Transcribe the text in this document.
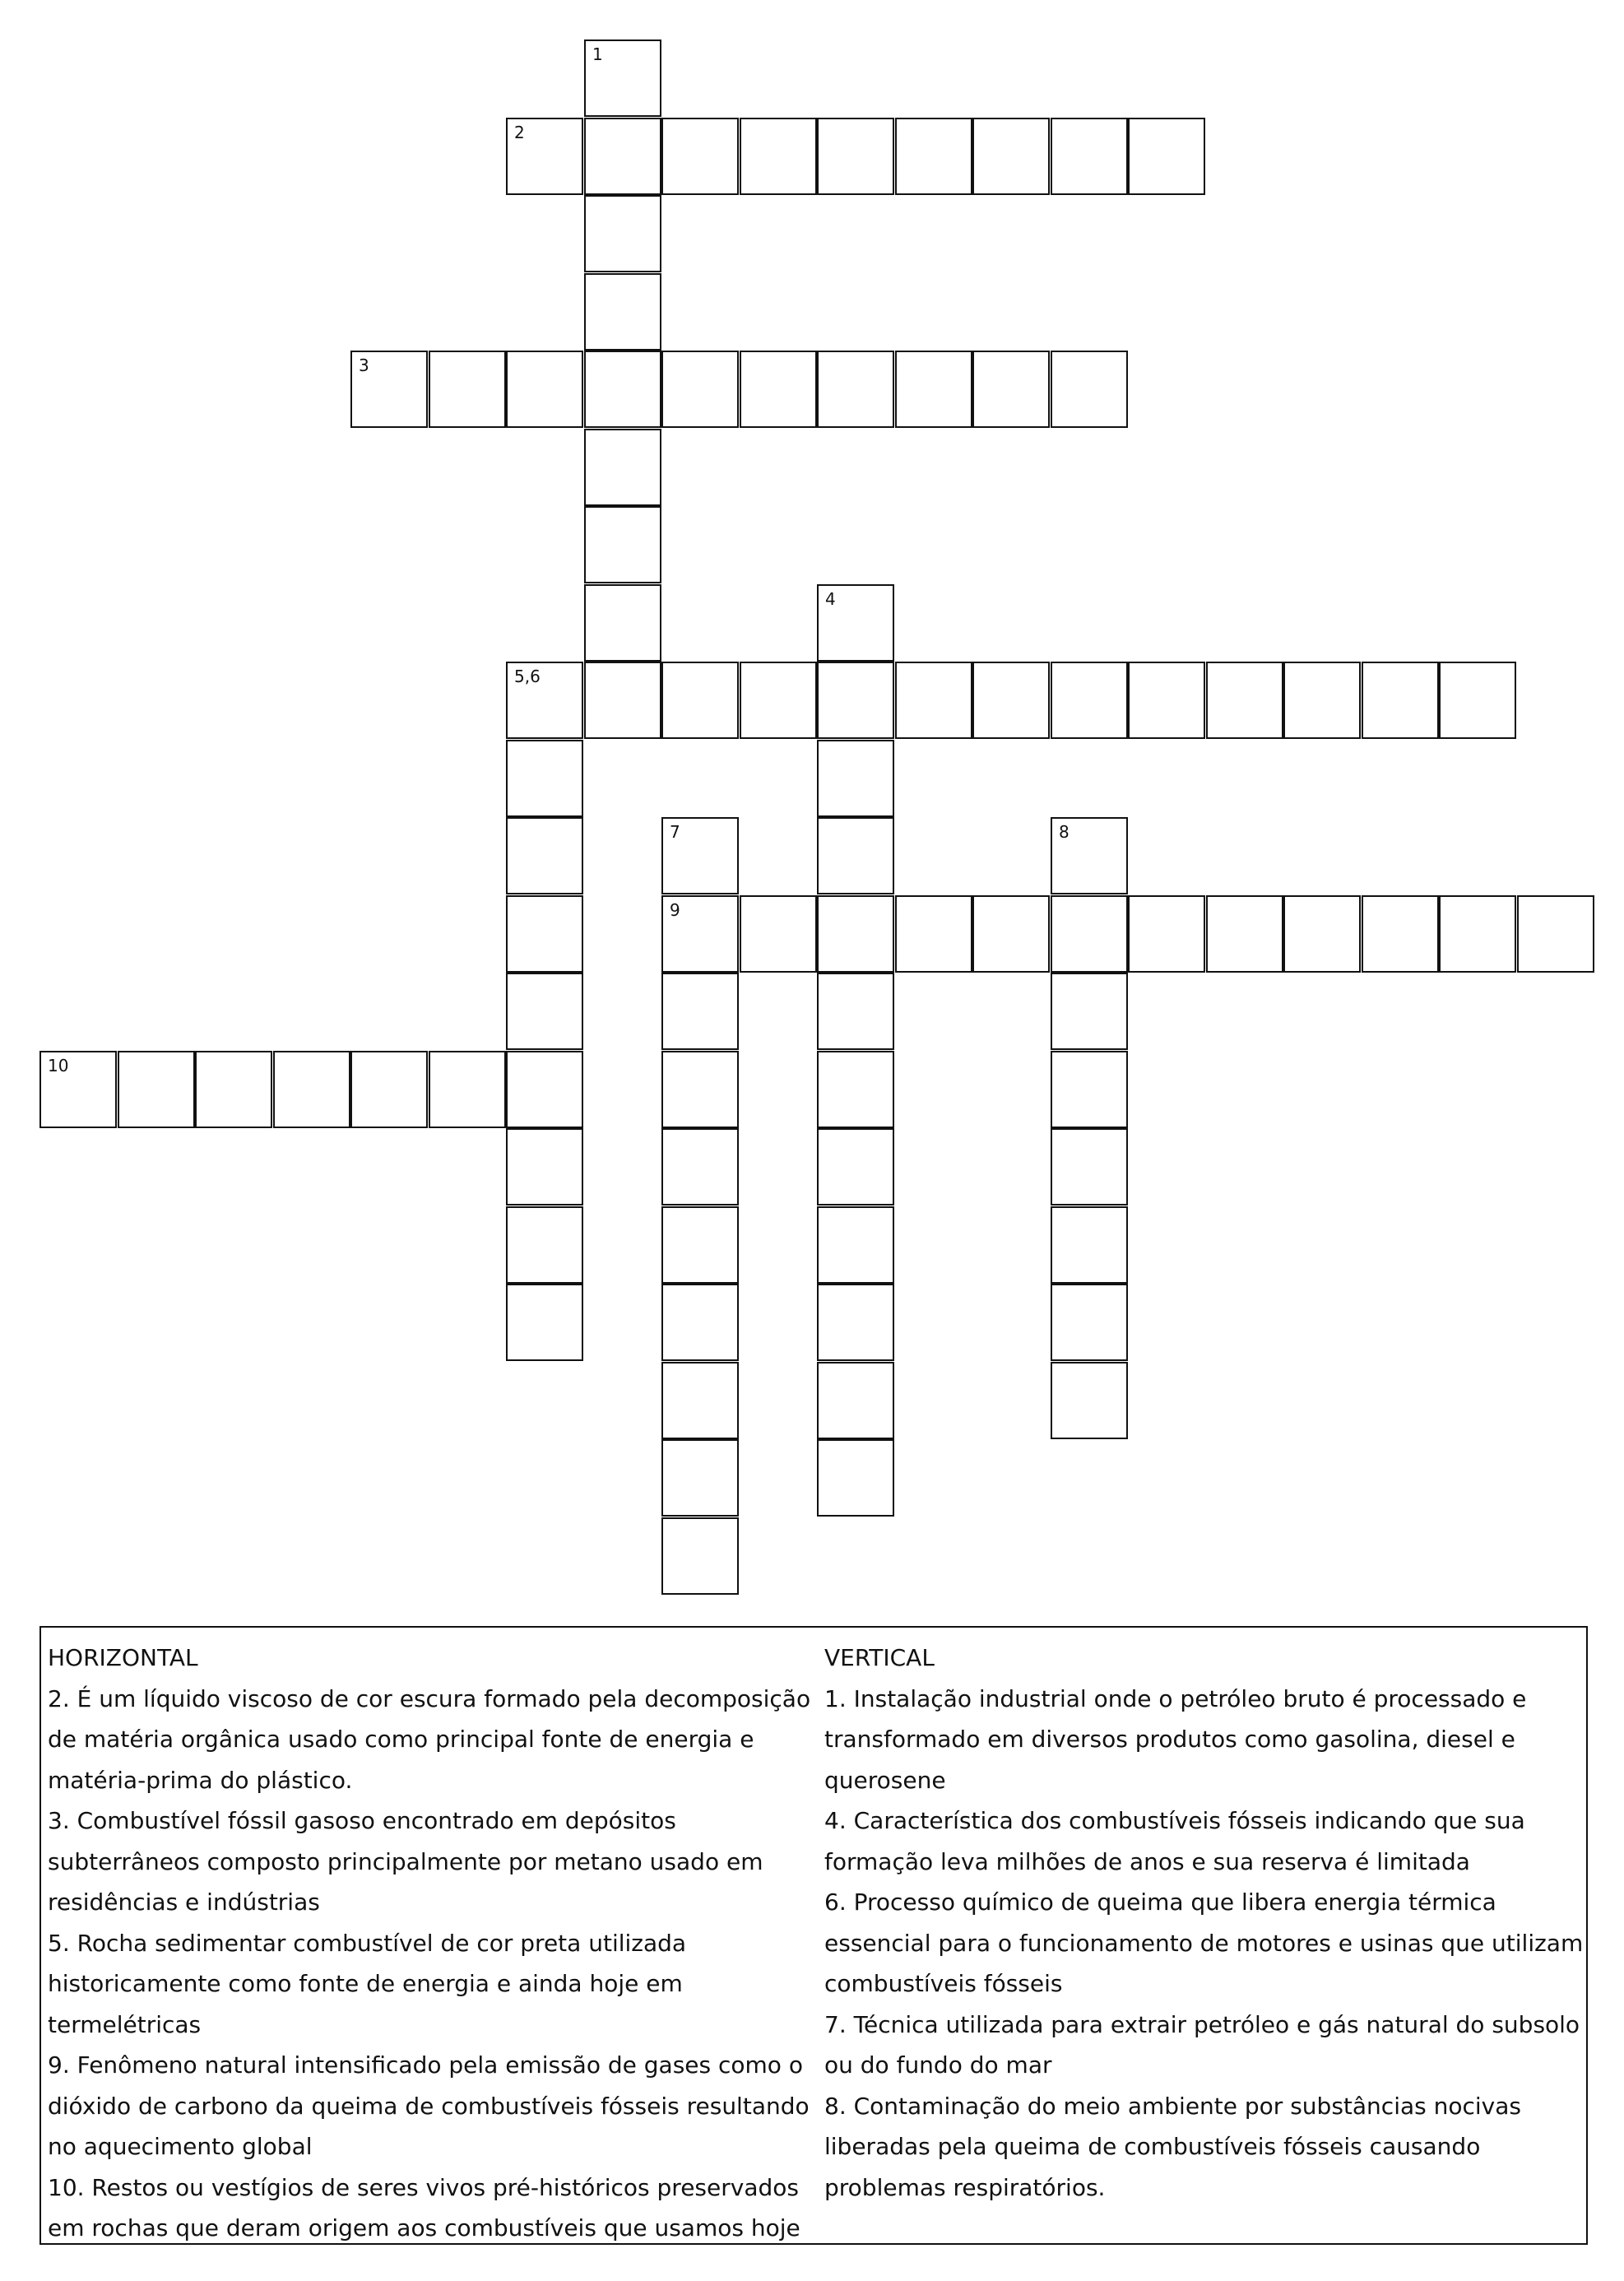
3
5,6
9
10
1
4
7	8
2
HORIZONTAL
2. É um líquido viscoso de cor escura formado pela decomposição de matéria orgânica usado como principal fonte de energia e matéria-prima do plástico.
3. Combustível fóssil gasoso encontrado em depósitos subterrâneos composto principalmente por metano usado em residências e indústrias
5. Rocha sedimentar combustível de cor preta utilizada historicamente como fonte de energia e ainda hoje em termelétricas
9. Fenômeno natural intensificado pela emissão de gases como o dióxido de carbono da queima de combustíveis fósseis resultando no aquecimento global
10. Restos ou vestígios de seres vivos pré-históricos preservados em rochas que deram origem aos combustíveis que usamos hoje
VERTICAL
1. Instalação industrial onde o petróleo bruto é processado e transformado em diversos produtos como gasolina, diesel e querosene
4. Característica dos combustíveis fósseis indicando que sua formação leva milhões de anos e sua reserva é limitada
6. Processo químico de queima que libera energia térmica essencial para o funcionamento de motores e usinas que utilizam combustíveis fósseis
7. Técnica utilizada para extrair petróleo e gás natural do subsolo ou do fundo do mar
8. Contaminação do meio ambiente por substâncias nocivas liberadas pela queima de combustíveis fósseis causando problemas respiratórios.
